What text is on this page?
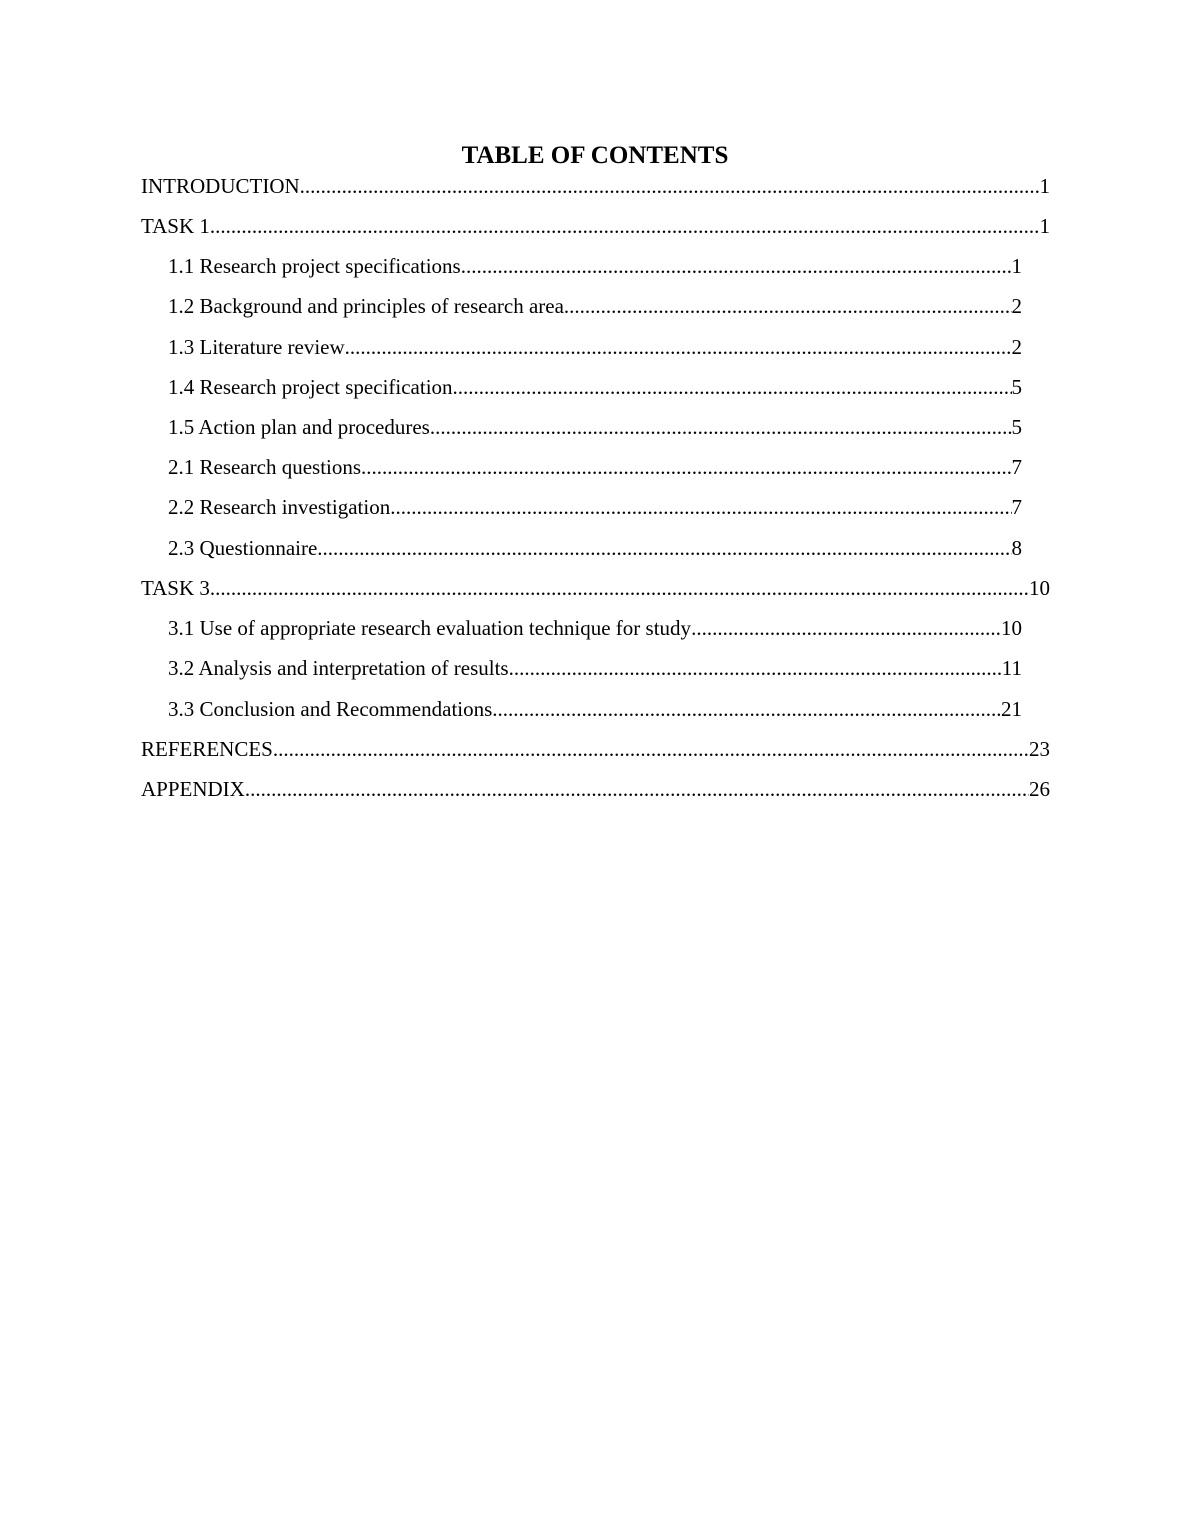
TABLE OF CONTENTS
INTRODUCTION .....	1
TASK 1 .....	1
1.1 Research project specifications .....	1
1.2 Background and principles of research area .....	2
1.3 Literature review .....	2
1.4 Research project specification .....	5
1.5 Action plan and procedures .....	5
2.1 Research questions .....	7
2.2 Research investigation .....	7
2.3 Questionnaire .....	8
TASK 3 .....	10
3.1 Use of appropriate research evaluation technique for study .....	10
3.2 Analysis and interpretation of results .....	11
3.3 Conclusion and Recommendations .....	21
REFERENCES .....	23
APPENDIX .....	26
